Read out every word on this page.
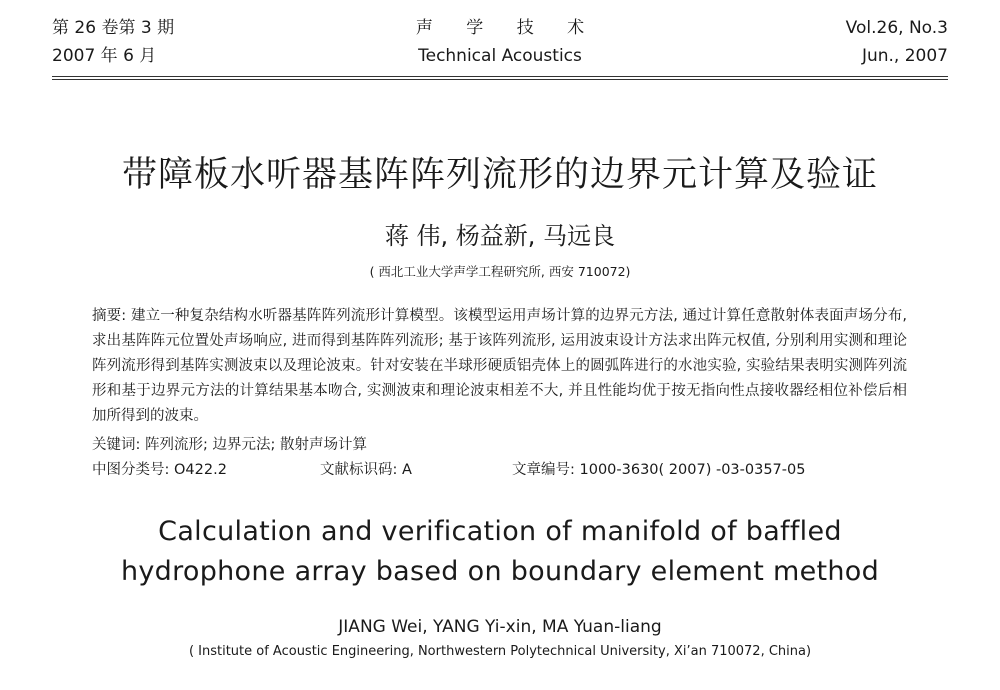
第 26 卷第 3 期
2007 年 6 月
声 学 技 术
Technical Acoustics
Vol.26, No.3
Jun., 2007
带障板水听器基阵阵列流形的边界元计算及验证
蒋 伟, 杨益新, 马远良
( 西北工业大学声学工程研究所, 西安 710072)
摘要: 建立一种复杂结构水听器基阵阵列流形计算模型。该模型运用声场计算的边界元方法, 通过计算任意散射体表面声场分布, 求出基阵阵元位置处声场响应, 进而得到基阵阵列流形; 基于该阵列流形, 运用波束设计方法求出阵元权值, 分别利用实测和理论阵列流形得到基阵实测波束以及理论波束。针对安装在半球形硬质铝壳体上的圆弧阵进行的水池实验, 实验结果表明实测阵列流形和基于边界元方法的计算结果基本吻合, 实测波束和理论波束相差不大, 并且性能均优于按无指向性点接收器经相位补偿后相加所得到的波束。
关键词: 阵列流形; 边界元法; 散射声场计算
中图分类号: O422.2	文献标识码: A	文章编号: 1000-3630( 2007) -03-0357-05
Calculation and verification of manifold of baffled
hydrophone array based on boundary element method
JIANG Wei, YANG Yi-xin, MA Yuan-liang
( Institute of Acoustic Engineering, Northwestern Polytechnical University, Xi’an 710072, China)
